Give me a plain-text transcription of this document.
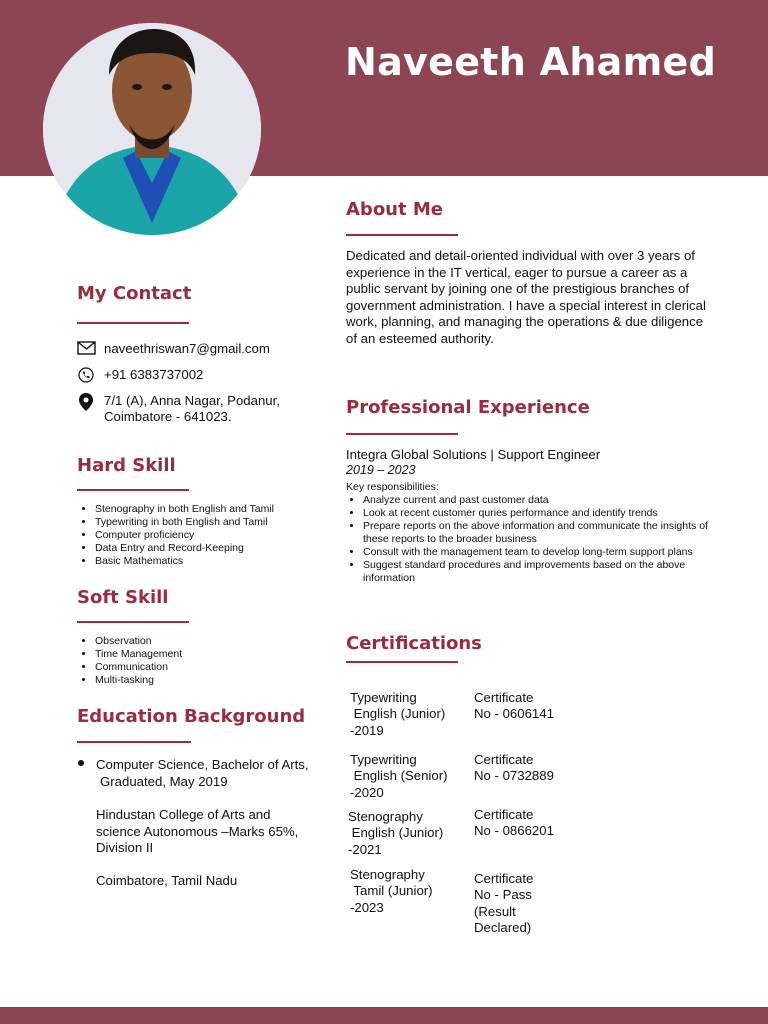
Naveeth Ahamed
About Me

Dedicated and detail-oriented individual with over 3 years of experience in the IT vertical, eager to pursue a career as a public servant by joining one of the prestigious branches of government administration. I have a special interest in clerical work, planning, and managing the operations & due diligence of an esteemed authority.

My Contact
naveethriswan7@gmail.com
+91 6383737002
7/1 (A), Anna Nagar, Podanur,
Coimbatore - 641023.
Hard Skill
• Stenography in both English and Tamil
• Typewriting in both English and Tamil
• Computer proficiency
• Data Entry and Record-Keeping
• Basic Mathematics
Soft Skill
• Observation
• Time Management
• Communication
• Multi-tasking
Education Background

Computer Science, Bachelor of Arts,
Graduated, May 2019

Hindustan College of Arts and
science Autonomous –Marks 65%,
Division II

Coimbatore, Tamil Nadu

Professional Experience
Integra Global Solutions | Support Engineer
2019 – 2023
Key responsibilities:
• Analyze current and past customer data
• Look at recent customer quries performance and identify trends
• Prepare reports on the above information and communicate the insights of these reports to the broader business
• Consult with the management team to develop long-term support plans
• Suggest standard procedures and improvements based on the above information
Certifications

Typewriting
English (Junior)
-2019

Certificate
No - 0606141

Typewriting
English (Senior)
-2020

Certificate
No - 0732889

Stenography
English (Junior)
-2021

Certificate
No - 0866201

Stenography
Tamil (Junior)
-2023

Certificate
No - Pass
(Result
Declared)
